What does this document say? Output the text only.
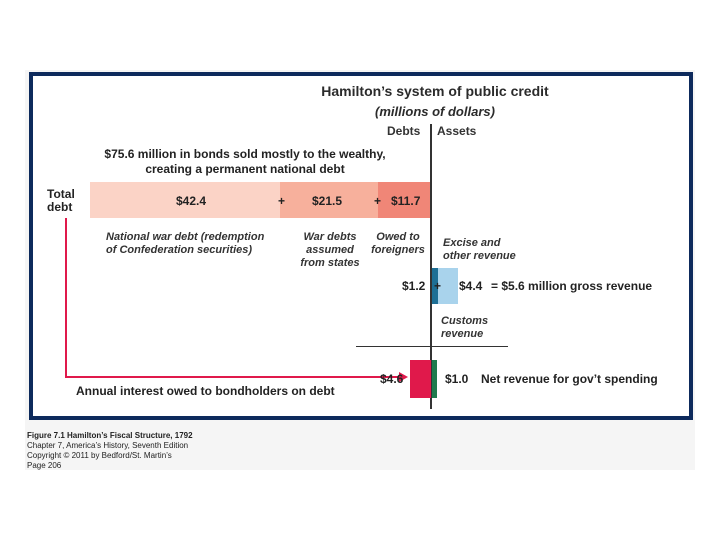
Hamilton’s system of public credit
(millions of dollars)
Debts Assets
$75.6 million in bonds sold mostly to the wealthy,
creating a permanent national debt
Total
debt	$42.4	+ $21.5	+ $11.7
National war debt (redemption
of Confederation securities)
War debts
assumed
from states
Owed to
foreigners
Excise and
other revenue
$1.2 + $4.4 = $5.6 million gross revenue
Customs
revenue
$4.6	$1.0 Net revenue for gov’t spending
Annual interest owed to bondholders on debt
Figure 7.1 Hamilton’s Fiscal Structure, 1792
Chapter 7, America’s History, Seventh Edition
Copyright © 2011 by Bedford/St. Martin’s
Page 206
